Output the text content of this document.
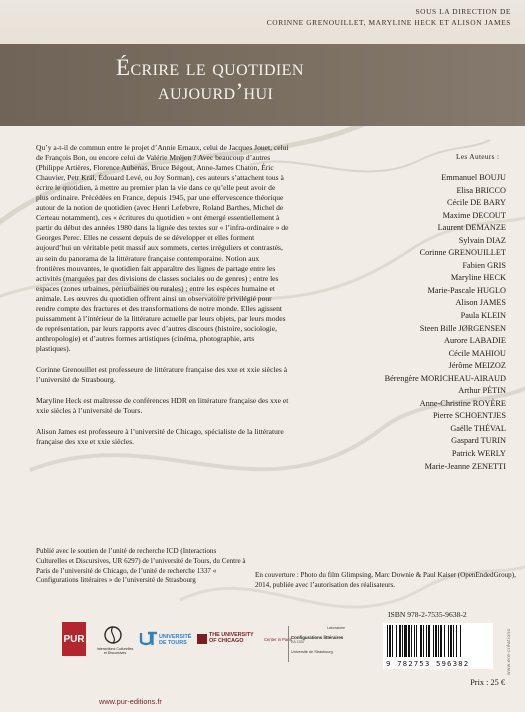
SOUS LA DIRECTION DE
CORINNE GRENOUILLET, MARYLINE HECK ET ALISON JAMES
Écrire le quotidien
aujourd’hui

Qu’y a-t-il de commun entre le projet d’Annie Ernaux, celui de Jacques Jouet, celui de François Bon, ou encore celui de Valérie Mréjen ? Avec beaucoup d’autres (Philippe Artières, Florence Aubenas, Bruce Bégout, Anne-James Chaton, Éric Chauvier, Petr Král, Édouard Levé, ou Joy Sorman), ces auteurs s’attachent tous à écrire le quotidien, à mettre au premier plan la vie dans ce qu’elle peut avoir de plus ordinaire. Précédées en France, depuis 1945, par une effervescence théorique autour de la notion de quotidien (avec Henri Lefebvre, Roland Barthes, Michel de Certeau notamment), ces « écritures du quotidien » ont émergé essentiellement à partir du début des années 1980 dans la lignée des textes sur « l’infra-ordinaire » de Georges Perec. Elles ne cessent depuis de se développer et elles forment aujourd’hui un véritable petit massif aux sommets, certes irréguliers et contrastés, au sein du panorama de la littérature française contemporaine. Notion aux frontières mouvantes, le quotidien fait apparaître des lignes de partage entre les activités (marquées par des divisions de classes sociales ou de genres) ; entre les espaces (zones urbaines, périurbaines ou rurales) ; entre les espèces humaine et animale. Les œuvres du quotidien offrent ainsi un observatoire privilégié pour rendre compte des fractures et des transformations de notre monde. Elles agissent puissamment à l’intérieur de la littérature actuelle par leurs objets, par leurs modes de représentation, par leurs rapports avec d’autres discours (histoire, sociologie, anthropologie) et d’autres formes artistiques (cinéma, photographie, arts plastiques).

Corinne Grenouillet est professeure de littérature française des xxe et xxie siècles à l’université de Strasbourg.

Maryline Heck est maîtresse de conférences HDR en littérature française des xxe et xxie siècles à l’université de Tours.

Alison James est professeure à l’université de Chicago, spécialiste de la littérature française des xxe et xxie siècles.

Les Auteurs :
Emmanuel BOUJU
Elisa BRICCO
Cécile DE BARY
Maxime DECOUT
Laurent DEMANZE
Sylvain DIAZ
Corinne GRENOUILLET
Fabien GRIS
Maryline HECK
Marie-Pascale HUGLO
Alison JAMES
Paula KLEIN
Steen Bille JØRGENSEN
Aurore LABADIE
Cécile MAHIOU
Jérôme MEIZOZ
Bérengère MORICHEAU-AIRAUD
Arthur PÉTIN
Anne-Christine ROYÈRE
Pierre SCHOENTJES
Gaëlle THÉVAL
Gaspard TURIN
Patrick WERLY
Marie-Jeanne ZENETTI
Publié avec le soutien de l’unité de recherche ICD (Interactions Culturelles et Discursives, UR 6297) de l’université de Tours, du Centre à Paris de l’université de Chicago, de l’unité de recherche 1337 « Configurations littéraires » de l’université de Strasbourg
En couverture : Photo du film Glimpsing, Marc Downie & Paul Kaiser (OpenEndedGroup), 2014, publiée avec l’autorisation des réalisateurs.
PUR
Interactions Culturelles et Discursives
UNIVERSITÉ DE TOURS
THE UNIVERSITY OF CHICAGO	Center in Paris
Laboratoire
Configurations littéraires
EA 1337
Université de Strasbourg
ISBN 978-2-7535-9638-2
9 782753 596382
Prix : 25 €
www.pur-editions.fr
www.ere-créations
